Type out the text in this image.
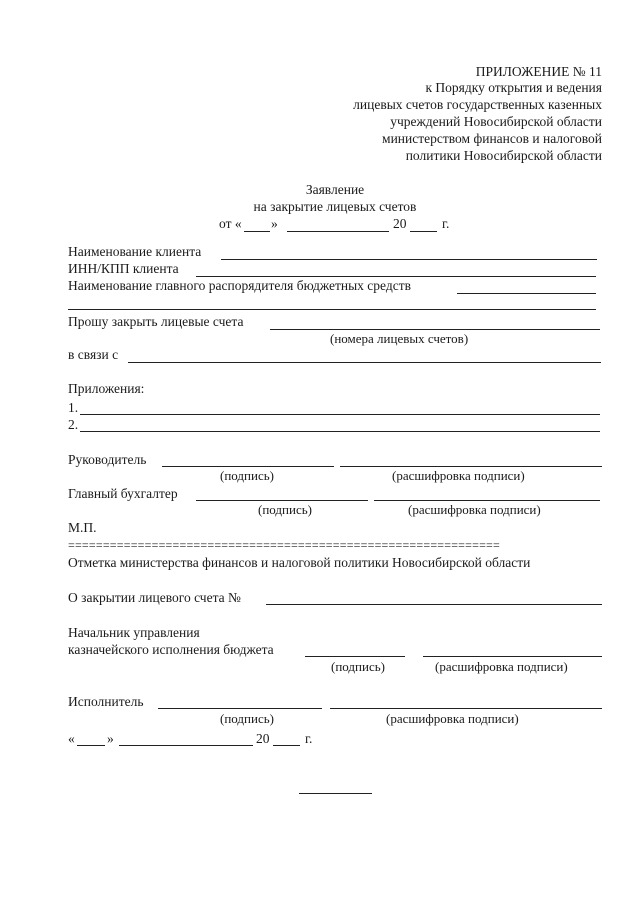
ПРИЛОЖЕНИЕ № 11
к Порядку открытия и ведения
лицевых счетов государственных казенных
учреждений Новосибирской области
министерством финансов и налоговой
политики Новосибирской области
Заявление
на закрытие лицевых счетов
от « »	20	г.
Наименование клиента
ИНН/КПП клиента
Наименование главного распорядителя бюджетных средств
Прошу закрыть лицевые счета
(номера лицевых счетов)
в связи с
Приложения:
1.
2.
Руководитель
(подпись)	(расшифровка подписи)
Главный бухгалтер
(подпись)	(расшифровка подписи)
М.П.
==============================================================
Отметка министерства финансов и налоговой политики Новосибирской области
О закрытии лицевого счета №
Начальник управления
казначейского исполнения бюджета
(подпись)	(расшифровка подписи)
Исполнитель
(подпись)	(расшифровка подписи)
« »	20	г.
